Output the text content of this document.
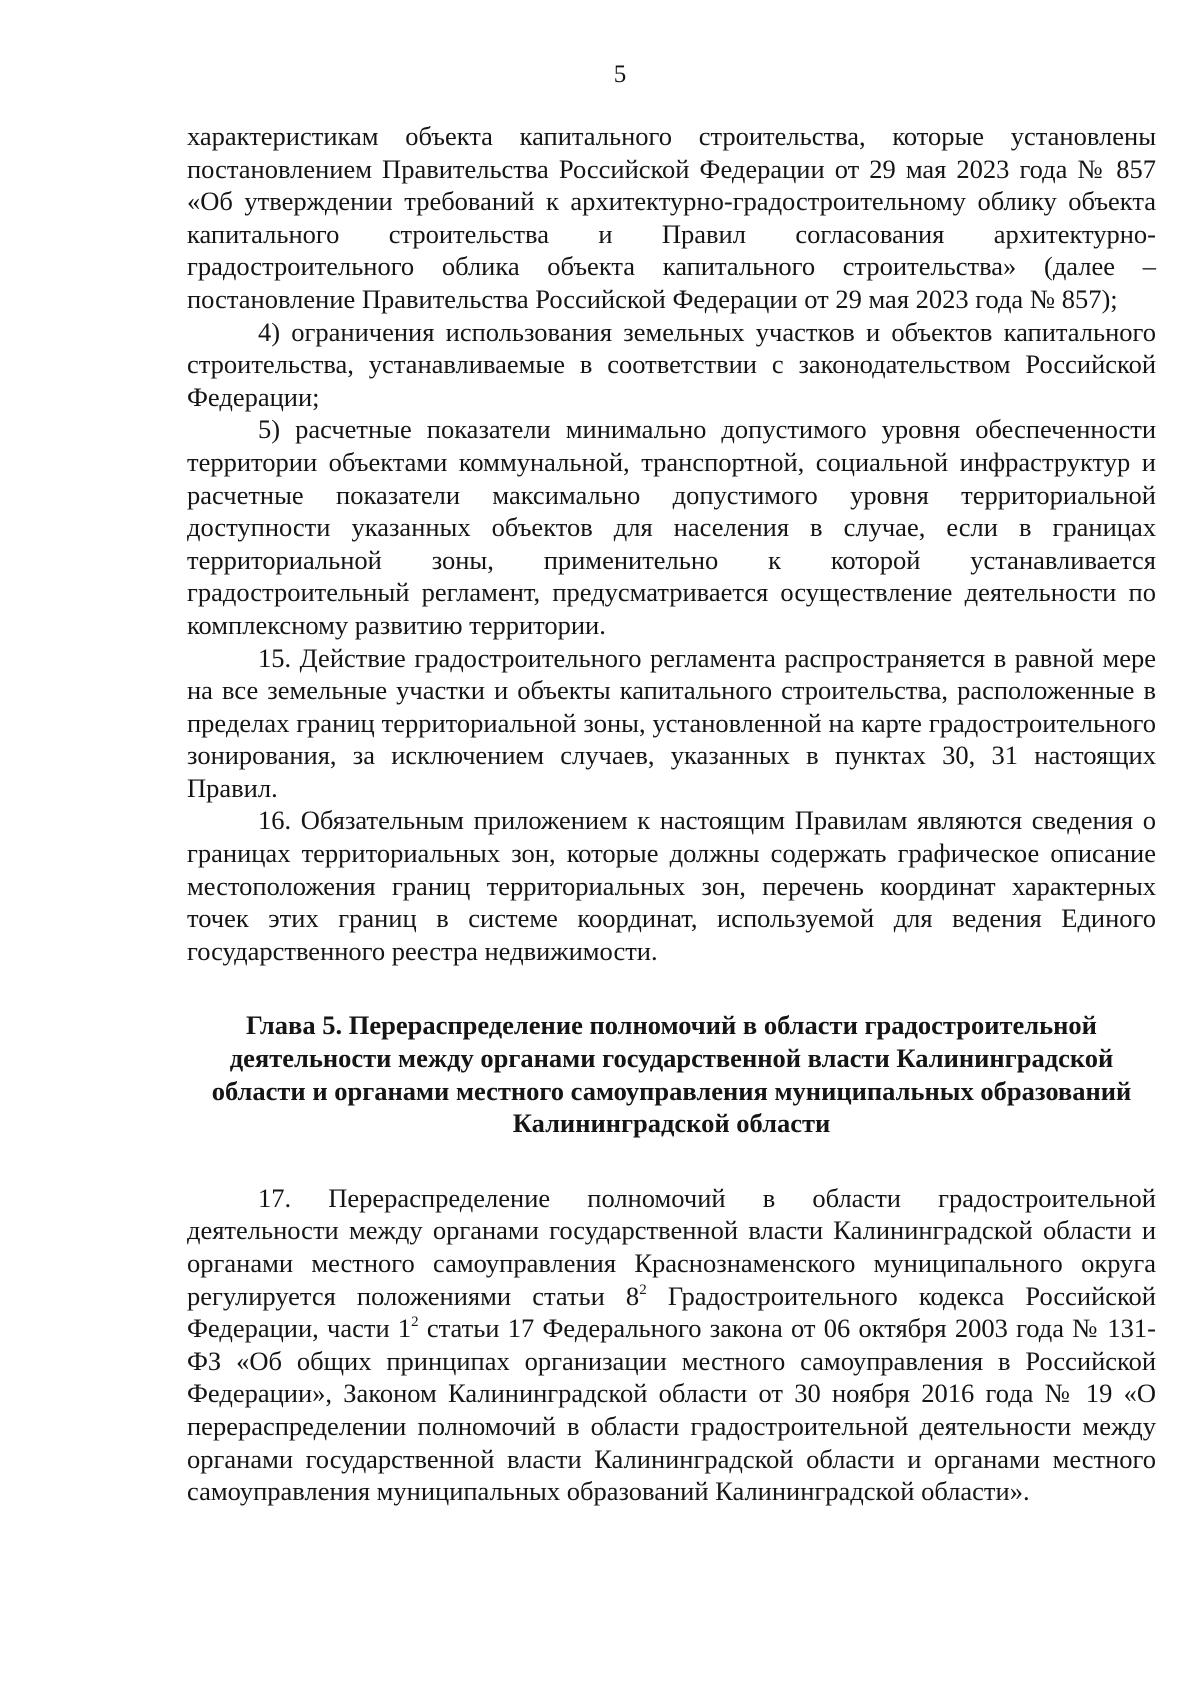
5

характеристикам объекта капитального строительства, которые установлены постановлением Правительства Российской Федерации от 29 мая 2023 года № 857 «Об утверждении требований к архитектурно-градостроительному облику объекта капитального строительства и Правил согласования архитектурно-градостроительного облика объекта капитального строительства» (далее – постановление Правительства Российской Федерации от 29 мая 2023 года № 857);

4) ограничения использования земельных участков и объектов капитального строительства, устанавливаемые в соответствии с законодательством Российской Федерации;

5) расчетные показатели минимально допустимого уровня обеспеченности территории объектами коммунальной, транспортной, социальной инфраструктур и расчетные показатели максимально допустимого уровня территориальной доступности указанных объектов для населения в случае, если в границах территориальной зоны, применительно к которой устанавливается градостроительный регламент, предусматривается осуществление деятельности по комплексному развитию территории.

15. Действие градостроительного регламента распространяется в равной мере на все земельные участки и объекты капитального строительства, расположенные в пределах границ территориальной зоны, установленной на карте градостроительного зонирования, за исключением случаев, указанных в пунктах 30, 31 настоящих Правил.

16. Обязательным приложением к настоящим Правилам являются сведения о границах территориальных зон, которые должны содержать графическое описание местоположения границ территориальных зон, перечень координат характерных точек этих границ в системе координат, используемой для ведения Единого государственного реестра недвижимости.

Глава 5. Перераспределение полномочий в области градостроительной деятельности между органами государственной власти Калининградской области и органами местного самоуправления муниципальных образований Калининградской области

17. Перераспределение полномочий в области градостроительной деятельности между органами государственной власти Калининградской области и органами местного самоуправления Краснознаменского муниципального округа регулируется положениями статьи $8^2$ Градостроительного кодекса Российской Федерации, части $1^2$ статьи 17 Федерального закона от 06 октября 2003 года № 131-ФЗ «Об общих принципах организации местного самоуправления в Российской Федерации», Законом Калининградской области от 30 ноября 2016 года № 19 «О перераспределении полномочий в области градостроительной деятельности между органами государственной власти Калининградской области и органами местного самоуправления муниципальных образований Калининградской области».
